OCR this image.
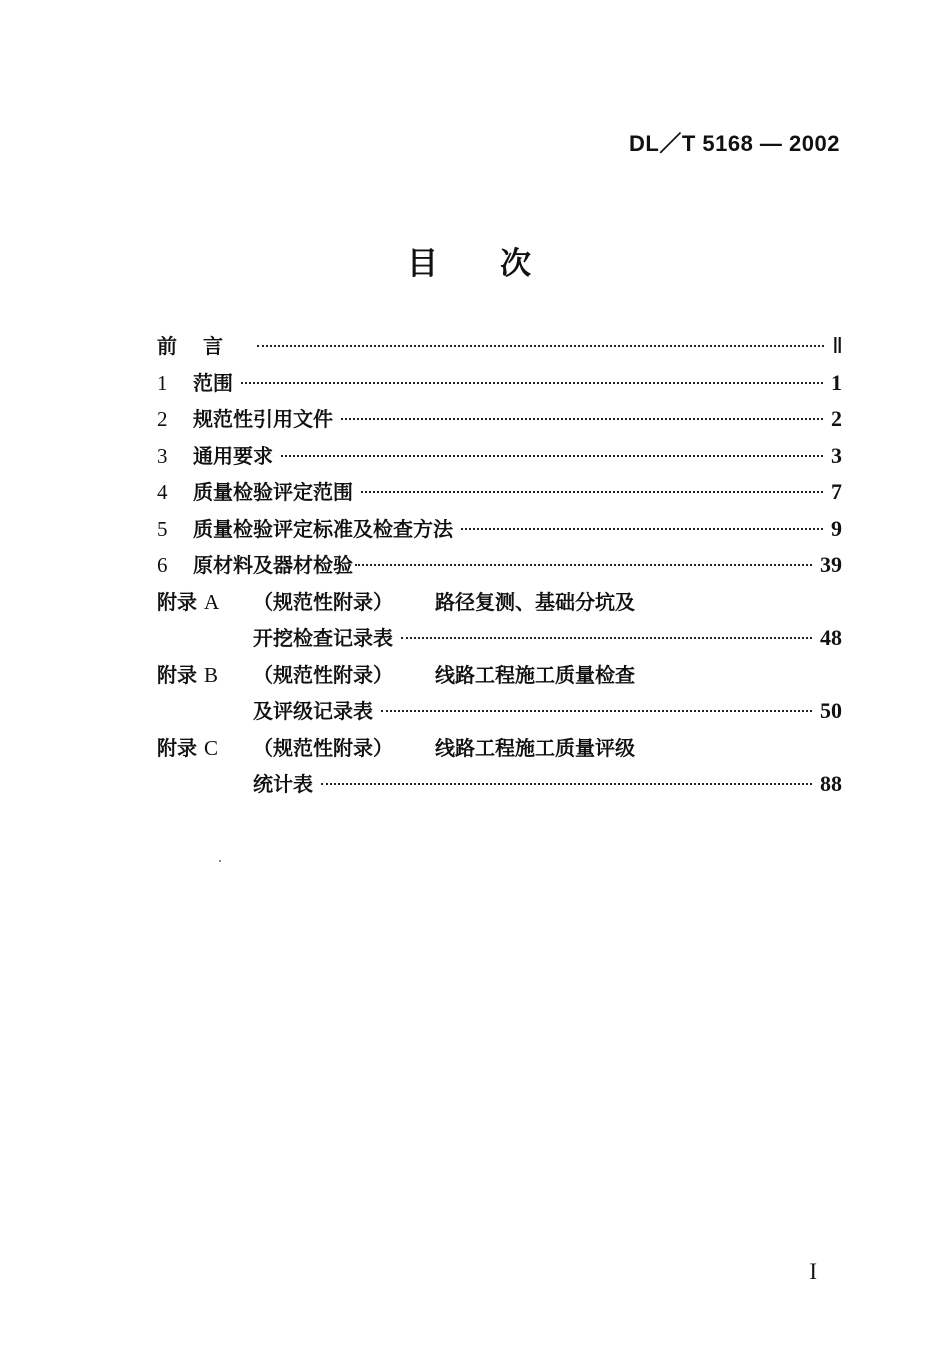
DL／T 5168 — 2002
目次
前言	Ⅱ
1	范围	1
2	规范性引用文件	2
3	通用要求	3
4	质量检验评定范围	7
5	质量检验评定标准及检查方法	9
6	原材料及器材检验	39
附录 A	（规范性附录）	路径复测、基础分坑及
开挖检查记录表	48
附录 B	（规范性附录）	线路工程施工质量检查
及评级记录表	50
附录 C	（规范性附录）	线路工程施工质量评级
统计表	88
I
